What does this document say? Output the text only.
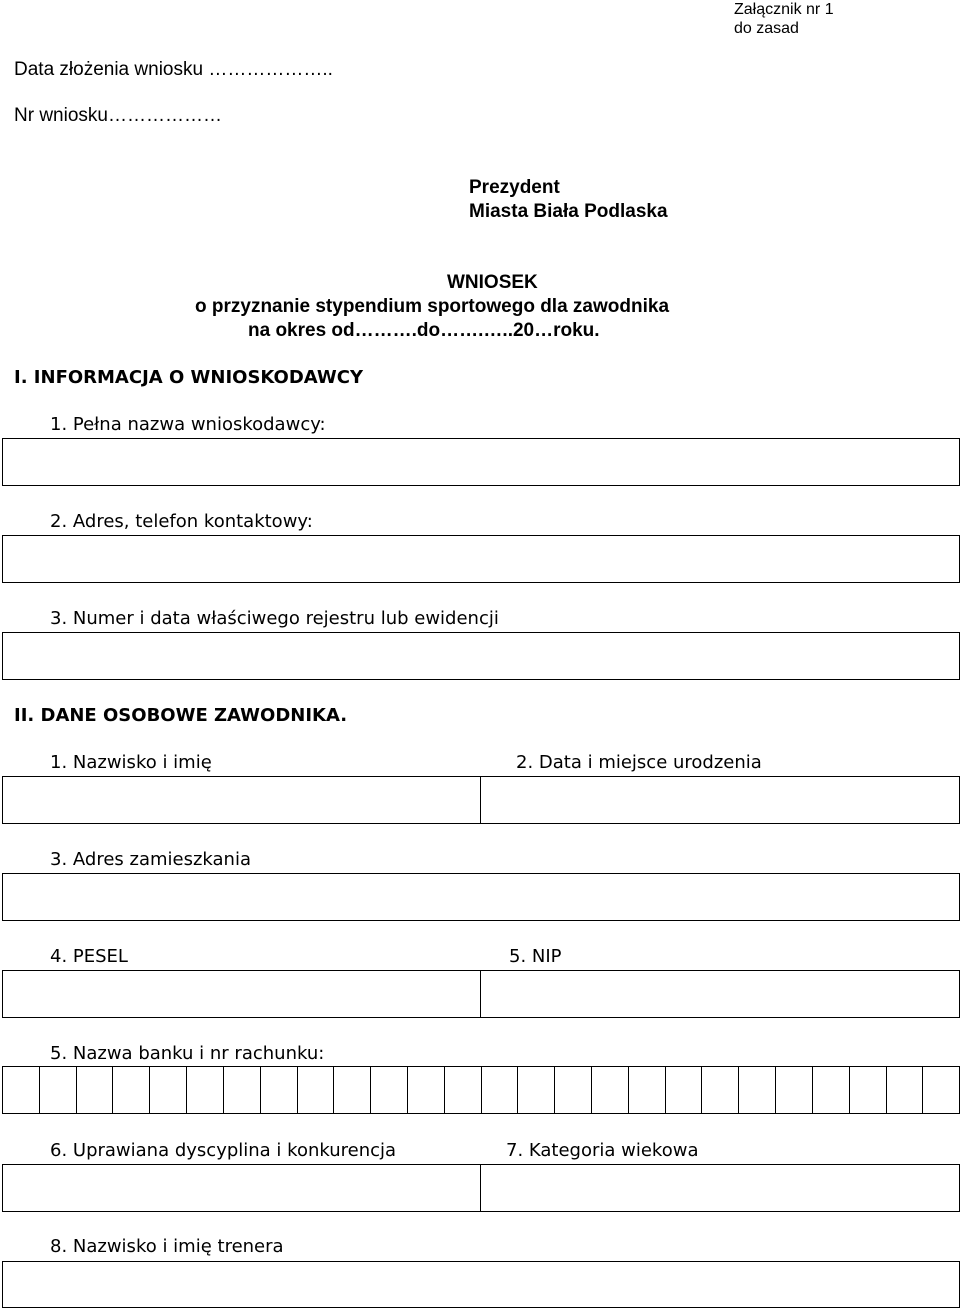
Załącznik nr 1
do zasad
Data złożenia wniosku ………………..
Nr wniosku………………
Prezydent
Miasta Biała Podlaska
WNIOSEK
o przyznanie stypendium sportowego dla zawodnika
na okres od……….do…….…..20…roku.
I. INFORMACJA O WNIOSKODAWCY
1. Pełna nazwa wnioskodawcy:
2. Adres, telefon kontaktowy:
3. Numer i data właściwego rejestru lub ewidencji
II. DANE OSOBOWE ZAWODNIKA.
1. Nazwisko i imię	2. Data i miejsce urodzenia
3. Adres zamieszkania
4. PESEL	5. NIP
5. Nazwa banku i nr rachunku:
6. Uprawiana dyscyplina i konkurencja	7. Kategoria wiekowa
8. Nazwisko i imię trenera
